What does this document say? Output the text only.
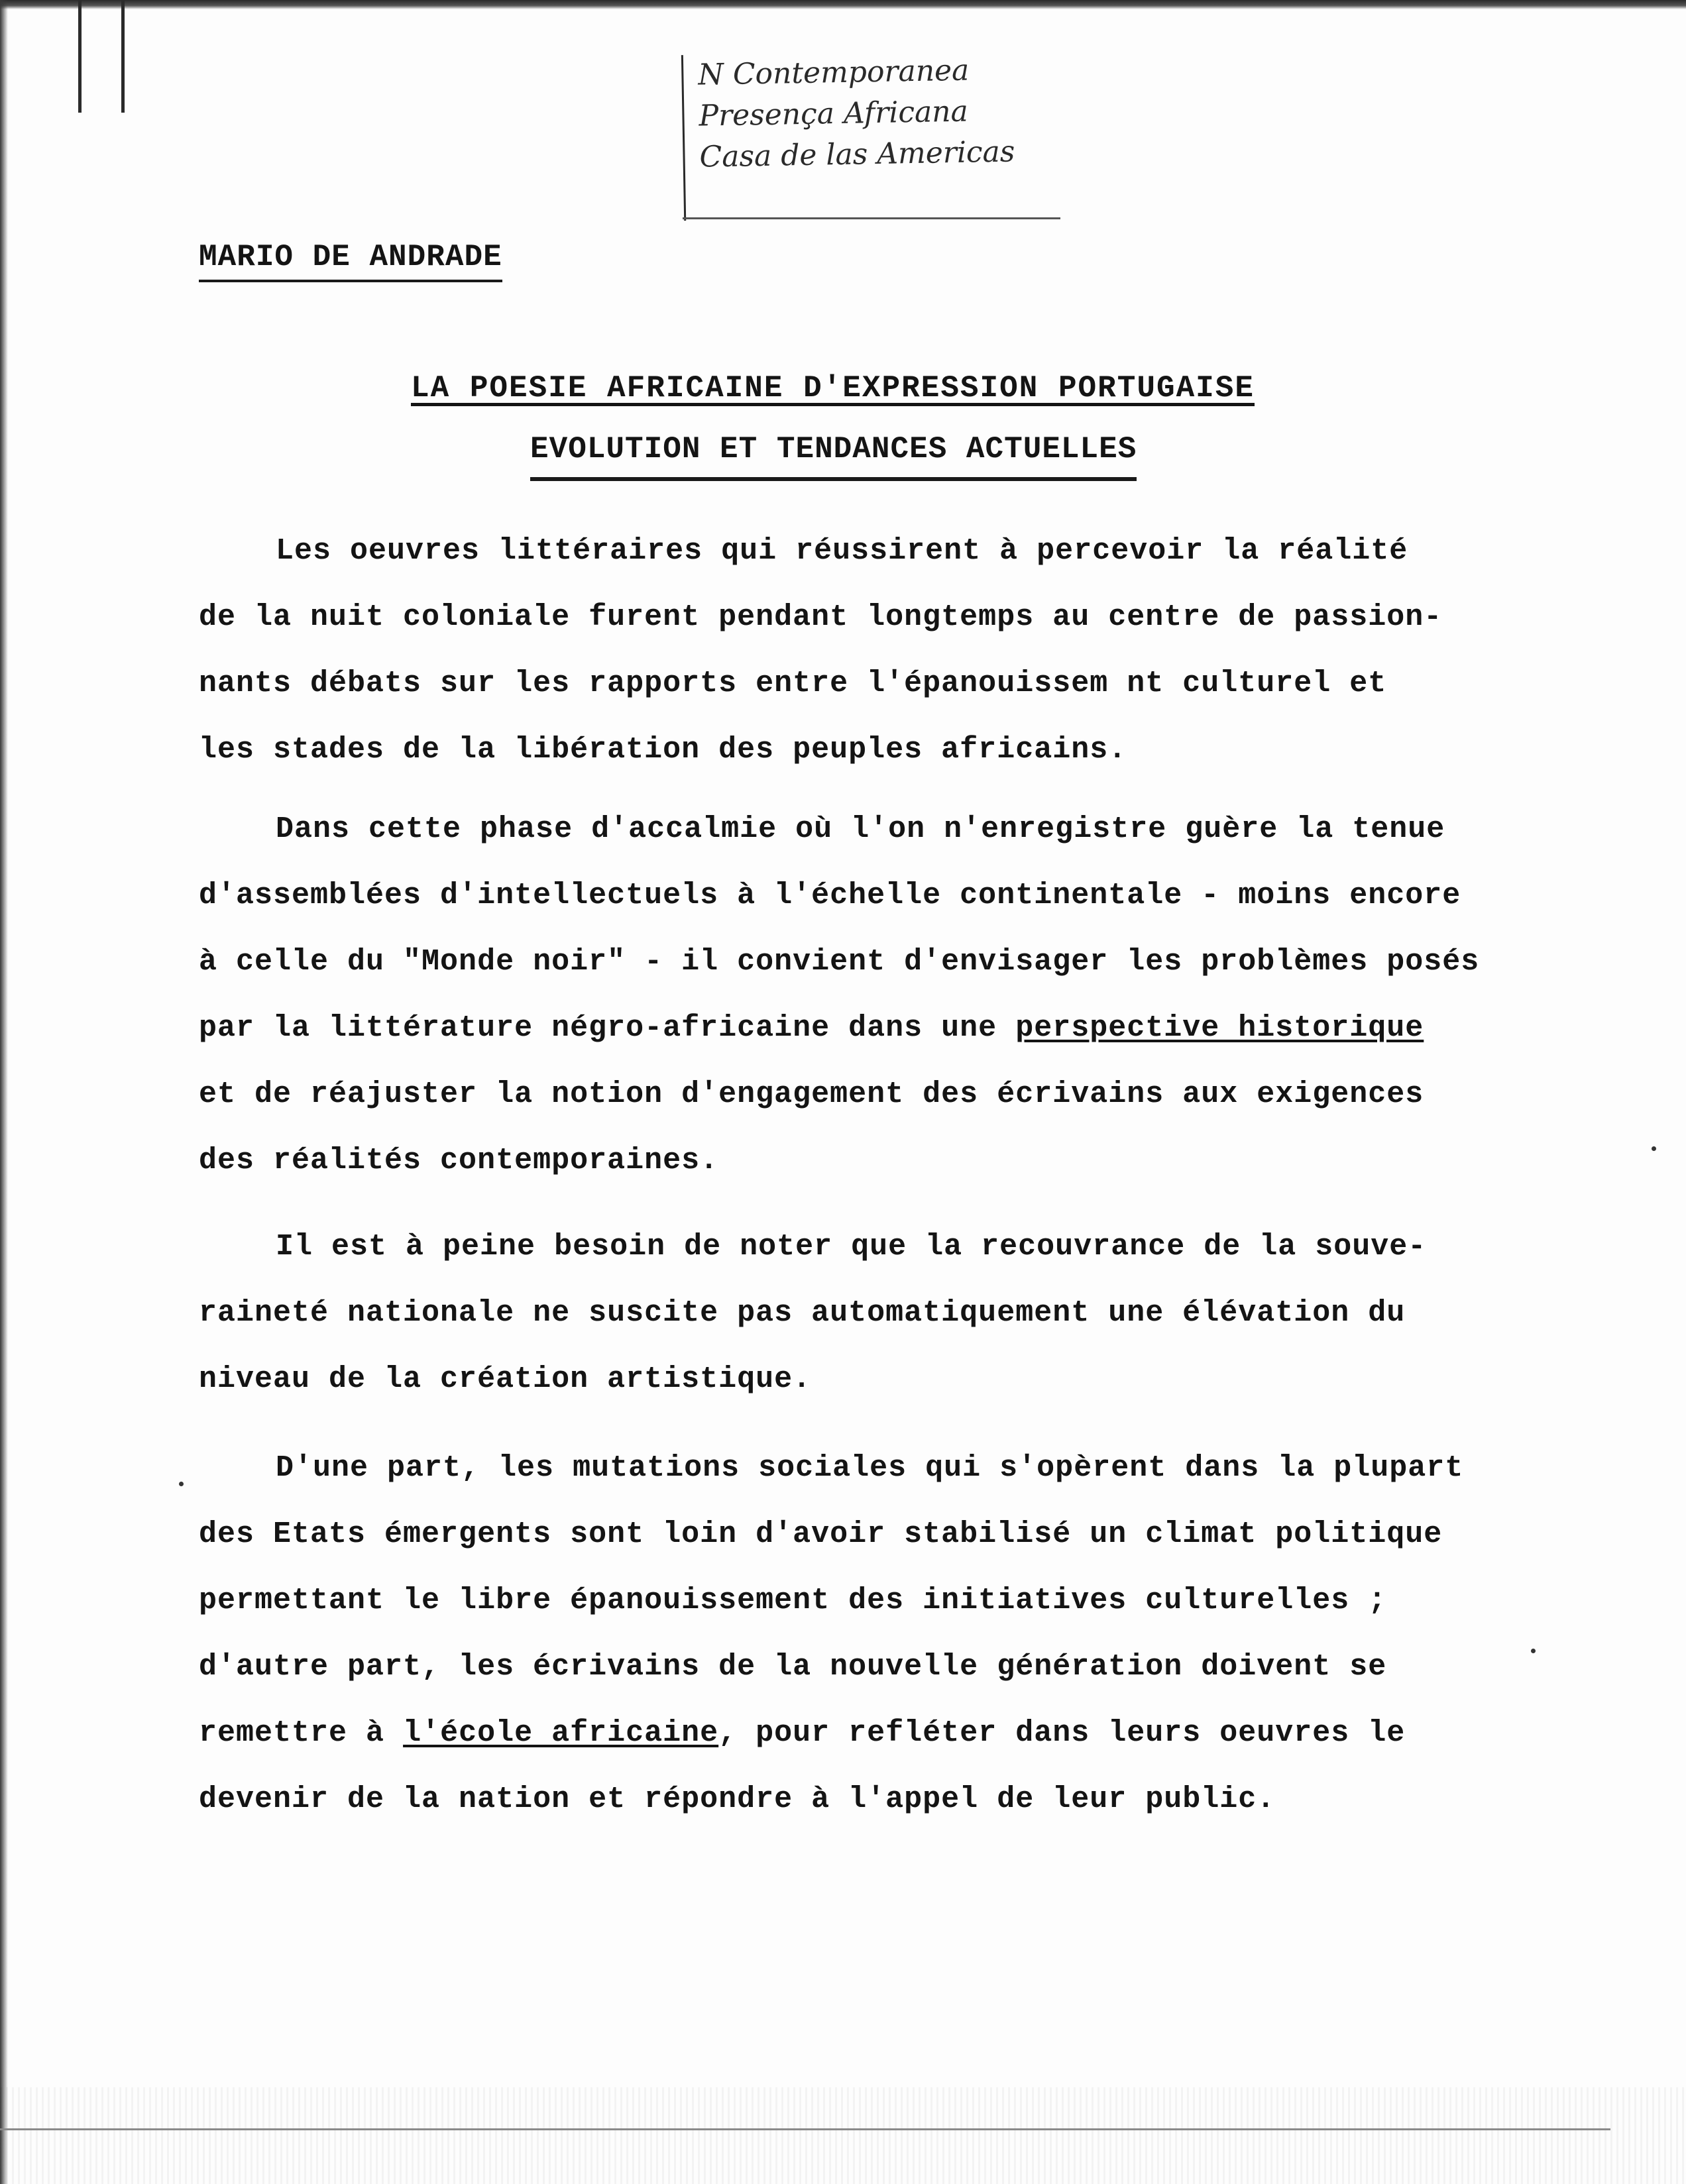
N Contemporanea
Presença Africana
Casa de las Americas
MARIO DE ANDRADE
LA POESIE AFRICAINE D'EXPRESSION PORTUGAISE
EVOLUTION ET TENDANCES ACTUELLES
Les oeuvres littéraires qui réussirent à percevoir la réalité
de la nuit coloniale furent pendant longtemps au centre de passion-
nants débats sur les rapports entre l'épanouissem nt culturel et
les stades de la libération des peuples africains.
Dans cette phase d'accalmie où l'on n'enregistre guère la tenue
d'assemblées d'intellectuels à l'échelle continentale - moins encore
à celle du "Monde noir" - il convient d'envisager les problèmes posés
par la littérature négro-africaine dans une perspective historique
et de réajuster la notion d'engagement des écrivains aux exigences
des réalités contemporaines.
Il est à peine besoin de noter que la recouvrance de la souve-
raineté nationale ne suscite pas automatiquement une élévation du
niveau de la création artistique.
D'une part, les mutations sociales qui s'opèrent dans la plupart
des Etats émergents sont loin d'avoir stabilisé un climat politique
permettant le libre épanouissement des initiatives culturelles ;
d'autre part, les écrivains de la nouvelle génération doivent se
remettre à l'école africaine, pour refléter dans leurs oeuvres le
devenir de la nation et répondre à l'appel de leur public.
